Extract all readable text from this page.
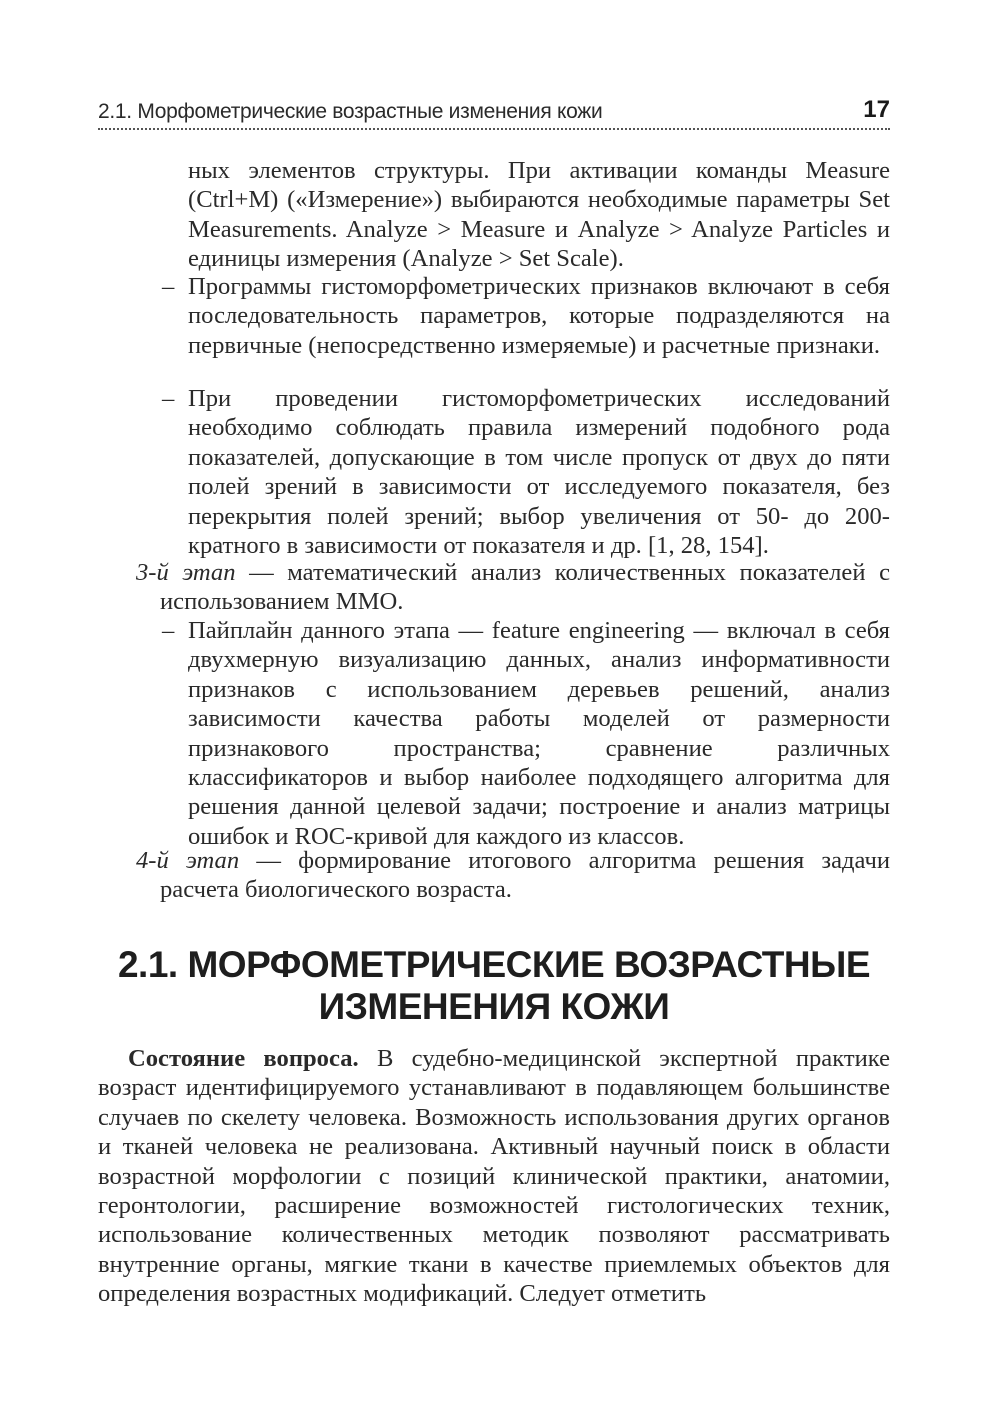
2.1. Морфометрические возрастные изменения кожи	17
ных элементов структуры. При активации команды Measure (Ctrl+M) («Измерение») выбираются необходимые параметры Set Measurements. Analyze > Measure и Analyze > Analyze Particles и единицы измерения (Analyze > Set Scale).
– Программы гистоморфометрических признаков включают в себя последовательность параметров, которые подразделяются на первичные (непосредственно измеряемые) и расчетные признаки.
– При проведении гистоморфометрических исследований необходимо соблюдать правила измерений подобного рода показателей, допускающие в том числе пропуск от двух до пяти полей зрений в зависимости от исследуемого показателя, без перекрытия полей зрений; выбор увеличения от 50- до 200-кратного в зависимости от показателя и др. [1, 28, 154].
3-й этап — математический анализ количественных показателей с использованием ММО.
– Пайплайн данного этапа — feature engineering — включал в себя двухмерную визуализацию данных, анализ информативности признаков с использованием деревьев решений, анализ зависимости качества работы моделей от размерности признакового пространства; сравнение различных классификаторов и выбор наиболее подходящего алгоритма для решения данной целевой задачи; построение и анализ матрицы ошибок и ROC-кривой для каждого из классов.
4-й этап — формирование итогового алгоритма решения задачи расчета биологического возраста.
2.1. МОРФОМЕТРИЧЕСКИЕ ВОЗРАСТНЫЕ
ИЗМЕНЕНИЯ КОЖИ
Состояние вопроса. В судебно-медицинской экспертной практике возраст идентифицируемого устанавливают в подавляющем большинстве случаев по скелету человека. Возможность использования других органов и тканей человека не реализована. Активный научный поиск в области возрастной морфологии с позиций клинической практики, анатомии, геронтологии, расширение возможностей гистологических техник, использование количественных методик позволяют рассматривать внутренние органы, мягкие ткани в качестве приемлемых объектов для определения возрастных модификаций. Следует отметить
